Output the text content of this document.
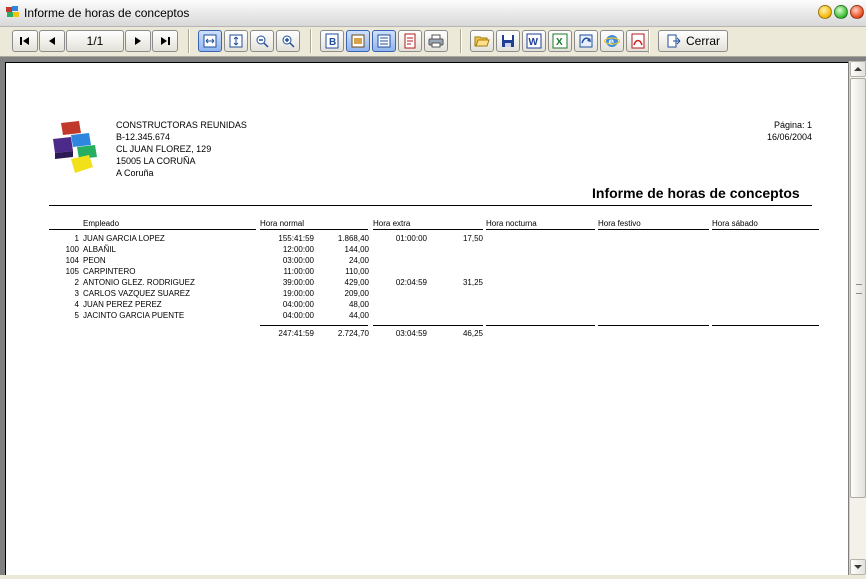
Informe de horas de conceptos
1/1	B	W X	e	Cerrar
CONSTRUCTORAS REUNIDAS
B-12.345.674
CL JUAN FLOREZ, 129
15005 LA CORUÑA
A Coruña
Página: 1
16/06/2004
Informe de horas de conceptos
Empleado	Hora normal	Hora extra	Hora nocturna	Hora festivo	Hora sábado
1 JUAN GARCIA LOPEZ	155:41:59	1.868,40	01:00:00	17,50
100 ALBAÑIL	12:00:00	144,00
104 PEON	03:00:00	24,00
105 CARPINTERO	11:00:00	110,00
2 ANTONIO GLEZ. RODRIGUEZ	39:00:00	429,00	02:04:59	31,25
3 CARLOS VAZQUEZ SUAREZ	19:00:00	209,00
4 JUAN PEREZ PEREZ	04:00:00	48,00
5 JACINTO GARCIA PUENTE	04:00:00	44,00
247:41:59	2.724,70	03:04:59	46,25
